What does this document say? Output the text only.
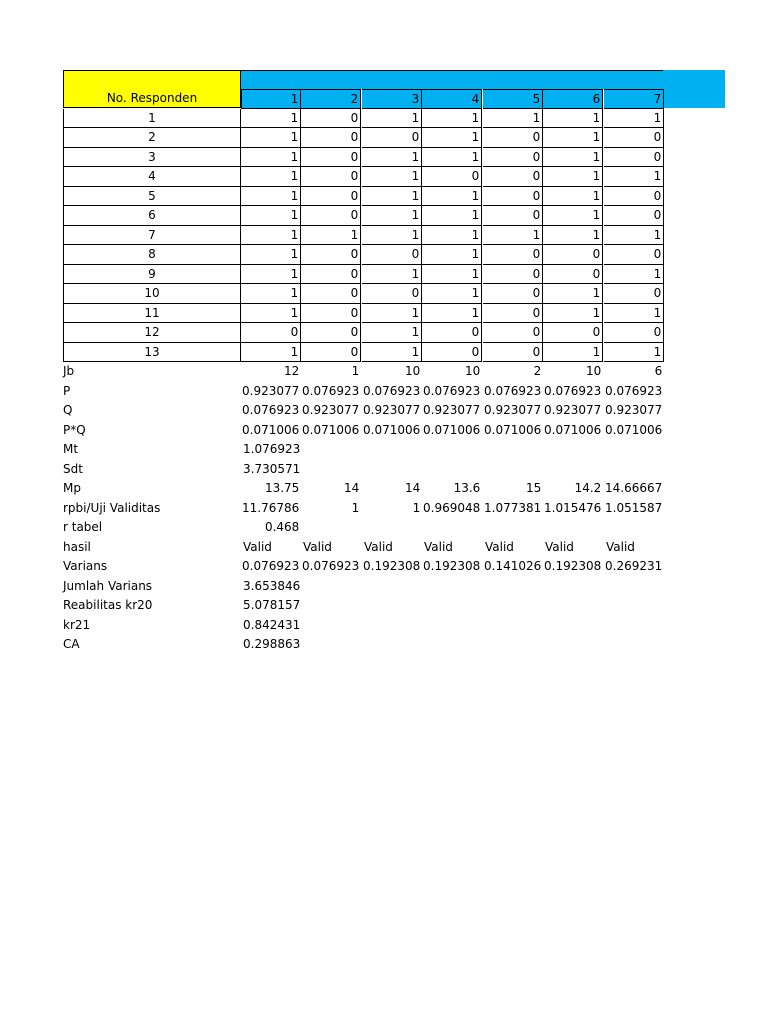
No. Responden	1	2	3	4	5	6	7
1	1	0	1	1	1	1	1
2	1	0	0	1	0	1	0
3	1	0	1	1	0	1	0
4	1	0	1	0	0	1	1
5	1	0	1	1	0	1	0
6	1	0	1	1	0	1	0
7	1	1	1	1	1	1	1
8	1	0	0	1	0	0	0
9	1	0	1	1	0	0	1
10	1	0	0	1	0	1	0
11	1	0	1	1	0	1	1
12	0	0	1	0	0	0	0
13	1	0	1	0	0	1	1
Jb	12	1	10	10	2	10	6
P	0.923077 0.076923 0.076923 0.076923 0.076923 0.076923 0.076923
Q	0.076923 0.923077 0.923077 0.923077 0.923077 0.923077 0.923077
P*Q	0.071006 0.071006 0.071006 0.071006 0.071006 0.071006 0.071006
Mt	1.076923
Sdt	3.730571
Mp	13.75	14	14	13.6	15	14.2 14.66667
rpbi/Uji Validitas	11.76786	1	1 0.969048 1.077381 1.015476 1.051587
r tabel	0.468
hasil	Valid	Valid	Valid	Valid	Valid	Valid	Valid
Varians	0.076923 0.076923 0.192308 0.192308 0.141026 0.192308 0.269231
Jumlah Varians	3.653846
Reabilitas kr20	5.078157
kr21	0.842431
CA	0.298863
